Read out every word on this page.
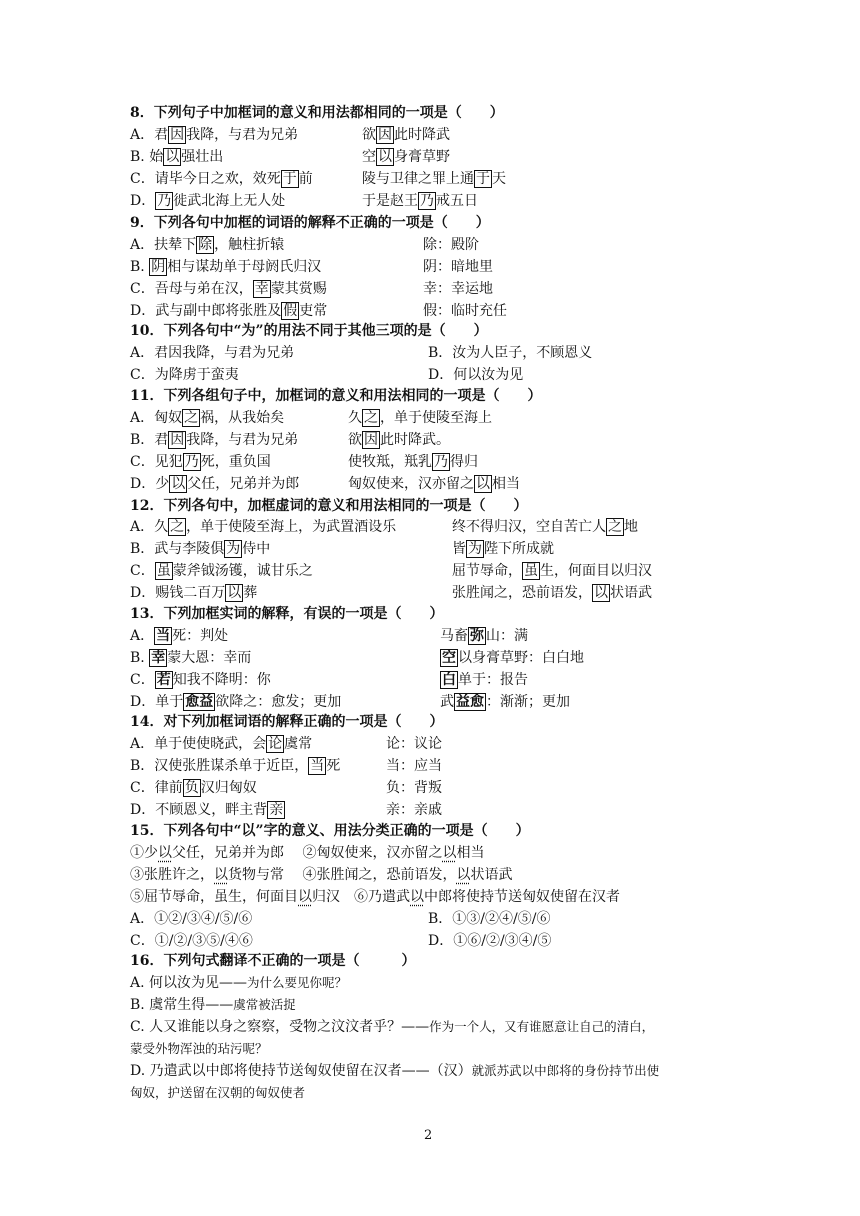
8．下列句子中加框词的意义和用法都相同的一项是（　　）
A．君 因 我降，与君为兄弟	欲 因 此时降武
B. 始 以 强壮出	空 以 身膏草野
C．请毕今日之欢，效死 于 前	陵与卫律之罪上通 于 天
D． 乃 徙武北海上无人处	于是赵王 乃 戒五日
9．下列各句中加框的词语的解释不正确的一项是（　　）
A．扶辇下 除 ，触柱折辕	除：殿阶
B. 阴 相与谋劫单于母阏氏归汉	阴：暗地里
C．吾母与弟在汉， 幸 蒙其赏赐	幸：幸运地
D．武与副中郎将张胜及 假 吏常	假：临时充任
10．下列各句中“为”的用法不同于其他三项的是（　　）
A．君因我降，与君为兄弟	B．汝为人臣子，不顾恩义
C．为降虏于蛮夷	D．何以汝为见
11．下列各组句子中，加框词的意义和用法相同的一项是（　　）
A．匈奴 之 祸，从我始矣	久 之 ，单于使陵至海上
B．君 因 我降，与君为兄弟	欲 因 此时降武。
C．见犯 乃 死，重负国	使牧羝，羝乳 乃 得归
D．少 以 父任，兄弟并为郎	匈奴使来，汉亦留之 以 相当
12．下列各句中，加框虚词的意义和用法相同的一项是（　　）
A．久 之 ，单于使陵至海上，为武置酒设乐	终不得归汉，空自苦亡人 之 地
B．武与李陵俱 为 侍中	皆 为 陛下所成就
C． 虽 蒙斧钺汤镬，诚甘乐之	屈节辱命， 虽 生，何面目以归汉
D．赐钱二百万 以 葬	张胜闻之，恐前语发， 以 状语武
13．下列加框实词的解释，有误的一项是（　　）
A． 当 死：判处	马畜 弥 山：满
B. 幸 蒙大恩：幸而	空 以身膏草野：白白地
C． 若 知我不降明：你	白 单于：报告
D．单于 愈益 欲降之：愈发；更加	武 益愈 ：渐渐；更加
14．对下列加框词语的解释正确的一项是（　　）
A．单于使使晓武，会 论 虞常	论：议论
B．汉使张胜谋杀单于近臣， 当 死	当：应当
C．律前 负 汉归匈奴	负：背叛
D．不顾恩义，畔主背 亲	亲：亲戚
15．下列各句中“以”字的意义、用法分类正确的一项是（　　）
①少以父任，兄弟并为郎　 ②匈奴使来，汉亦留之以相当
③张胜许之，以货物与常　 ④张胜闻之，恐前语发，以状语武
⑤屈节辱命，虽生，何面目以归汉　⑥乃遣武以中郎将使持节送匈奴使留在汉者
A．①②/③④/⑤/⑥	B．①③/②④/⑤/⑥
C．①/②/③⑤/④⑥	D．①⑥/②/③④/⑤
16．下列句式翻译不正确的一项是（　　　）
A. 何以汝为见——为什么要见你呢？
B. 虞常生得——虞常被活捉
C. 人又谁能以身之察察，受物之汶汶者乎？——作为一个人，又有谁愿意让自己的清白，
蒙受外物浑浊的玷污呢？
D. 乃遣武以中郎将使持节送匈奴使留在汉者——（汉）就派苏武以中郎将的身份持节出使
匈奴，护送留在汉朝的匈奴使者
2
